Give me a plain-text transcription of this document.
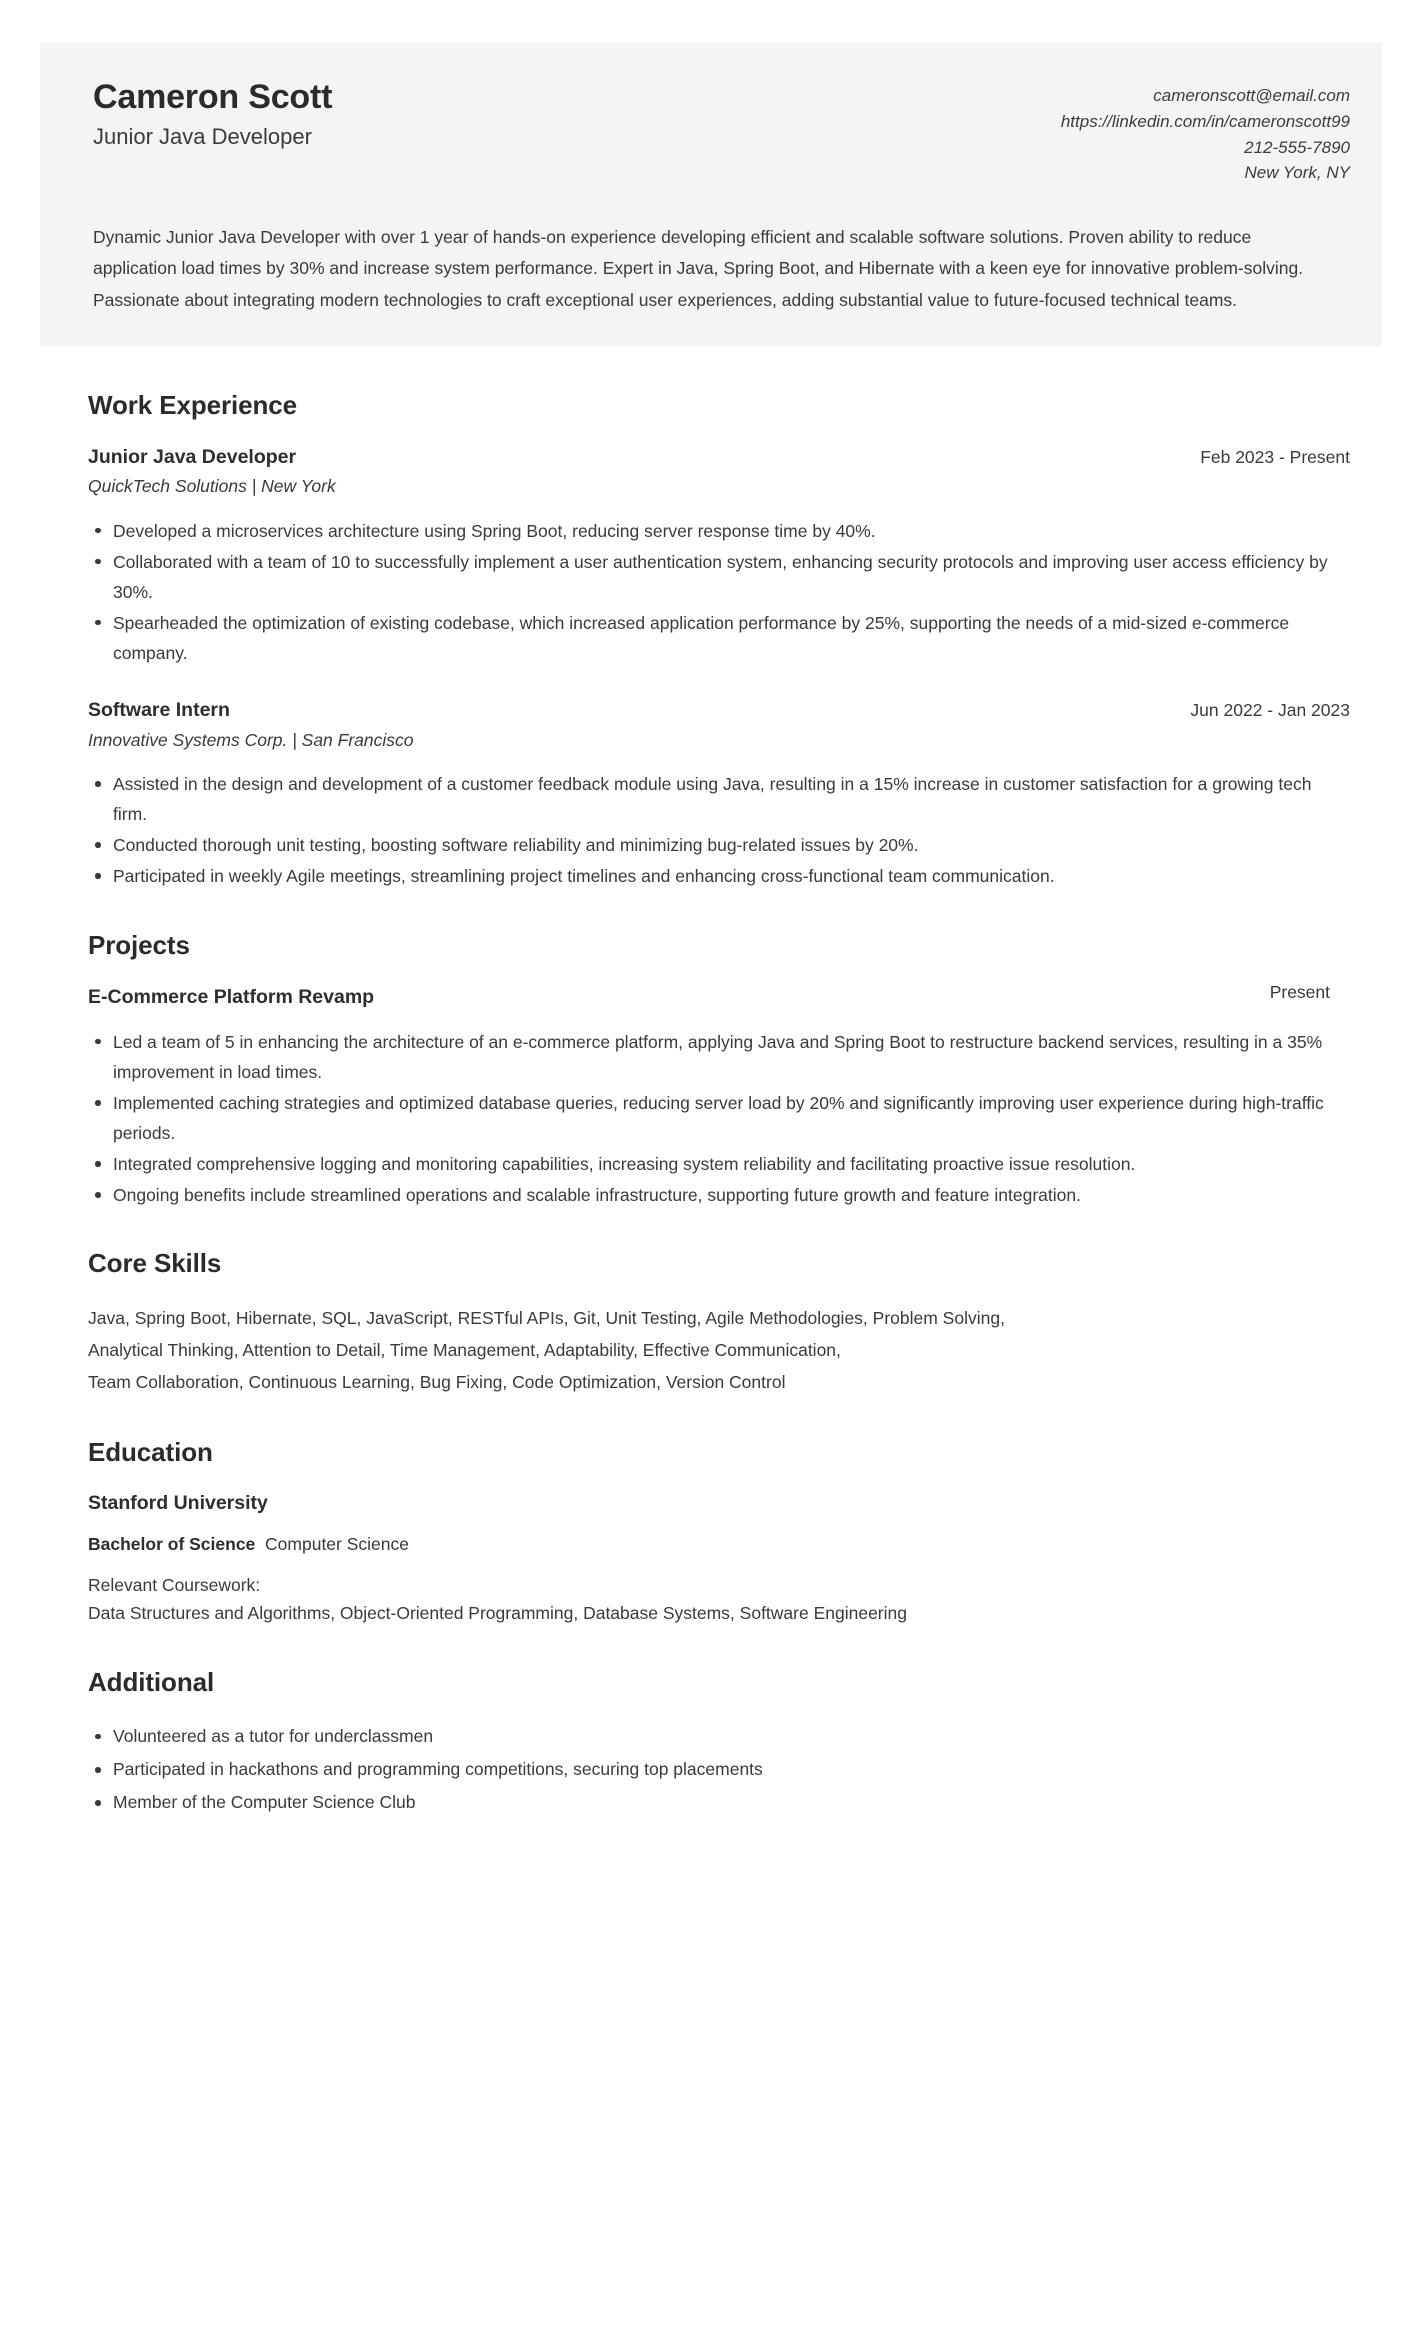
Cameron Scott
Junior Java Developer
cameronscott@email.com
https://linkedin.com/in/cameronscott99
212-555-7890
New York, NY
Dynamic Junior Java Developer with over 1 year of hands-on experience developing efficient and scalable software solutions. Proven ability to reduce application load times by 30% and increase system performance. Expert in Java, Spring Boot, and Hibernate with a keen eye for innovative problem-solving. Passionate about integrating modern technologies to craft exceptional user experiences, adding substantial value to future-focused technical teams.
Work Experience
Junior Java Developer	Feb 2023 - Present
QuickTech Solutions | New York
Developed a microservices architecture using Spring Boot, reducing server response time by 40%.
Collaborated with a team of 10 to successfully implement a user authentication system, enhancing security protocols and improving user access efficiency by 30%.
Spearheaded the optimization of existing codebase, which increased application performance by 25%, supporting the needs of a mid-sized e-commerce company.
Software Intern	Jun 2022 - Jan 2023
Innovative Systems Corp. | San Francisco
Assisted in the design and development of a customer feedback module using Java, resulting in a 15% increase in customer satisfaction for a growing tech firm.
Conducted thorough unit testing, boosting software reliability and minimizing bug-related issues by 20%.
Participated in weekly Agile meetings, streamlining project timelines and enhancing cross-functional team communication.
Projects
E-Commerce Platform Revamp	Present
Led a team of 5 in enhancing the architecture of an e-commerce platform, applying Java and Spring Boot to restructure backend services, resulting in a 35% improvement in load times.
Implemented caching strategies and optimized database queries, reducing server load by 20% and significantly improving user experience during high-traffic periods.
Integrated comprehensive logging and monitoring capabilities, increasing system reliability and facilitating proactive issue resolution.
Ongoing benefits include streamlined operations and scalable infrastructure, supporting future growth and feature integration.
Core Skills
Java, Spring Boot, Hibernate, SQL, JavaScript, RESTful APIs, Git, Unit Testing, Agile Methodologies, Problem Solving,
Analytical Thinking, Attention to Detail, Time Management, Adaptability, Effective Communication,
Team Collaboration, Continuous Learning, Bug Fixing, Code Optimization, Version Control
Education
Stanford University
Bachelor of Science Computer Science
Relevant Coursework:
Data Structures and Algorithms, Object-Oriented Programming, Database Systems, Software Engineering
Additional
Volunteered as a tutor for underclassmen
Participated in hackathons and programming competitions, securing top placements
Member of the Computer Science Club
